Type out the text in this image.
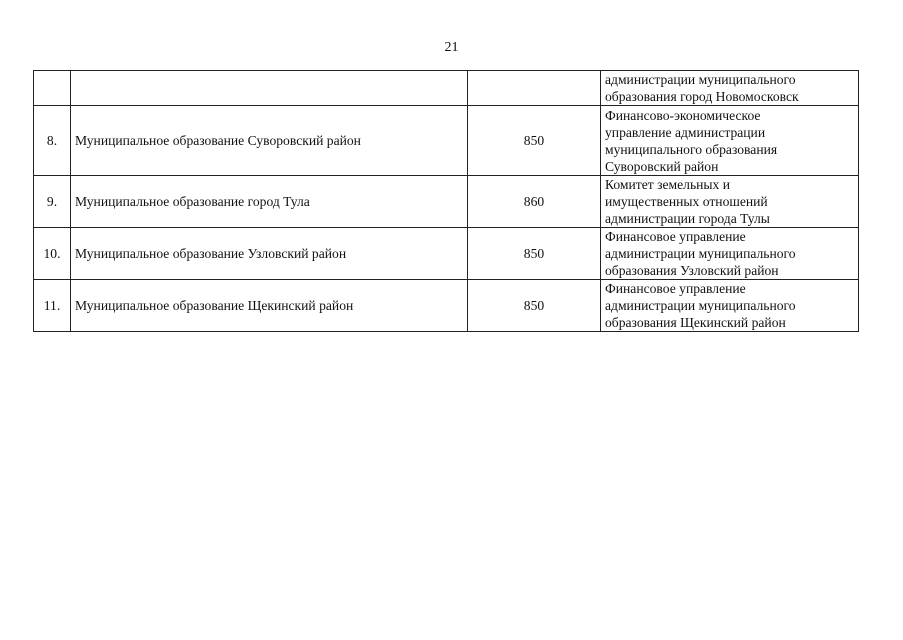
21

			администрации муниципального
образования город Новомосковск

8.	Муниципальное образование Суворовский район	850	Финансово-экономическое
управление администрации
муниципального образования
Суворовский район

9.	Муниципальное образование город Тула	860	Комитет земельных и
имущественных отношений
администрации города Тулы

10.	Муниципальное образование Узловский район	850	Финансовое управление
администрации муниципального
образования Узловский район

11.	Муниципальное образование Щекинский район	850	Финансовое управление
администрации муниципального
образования Щекинский район
